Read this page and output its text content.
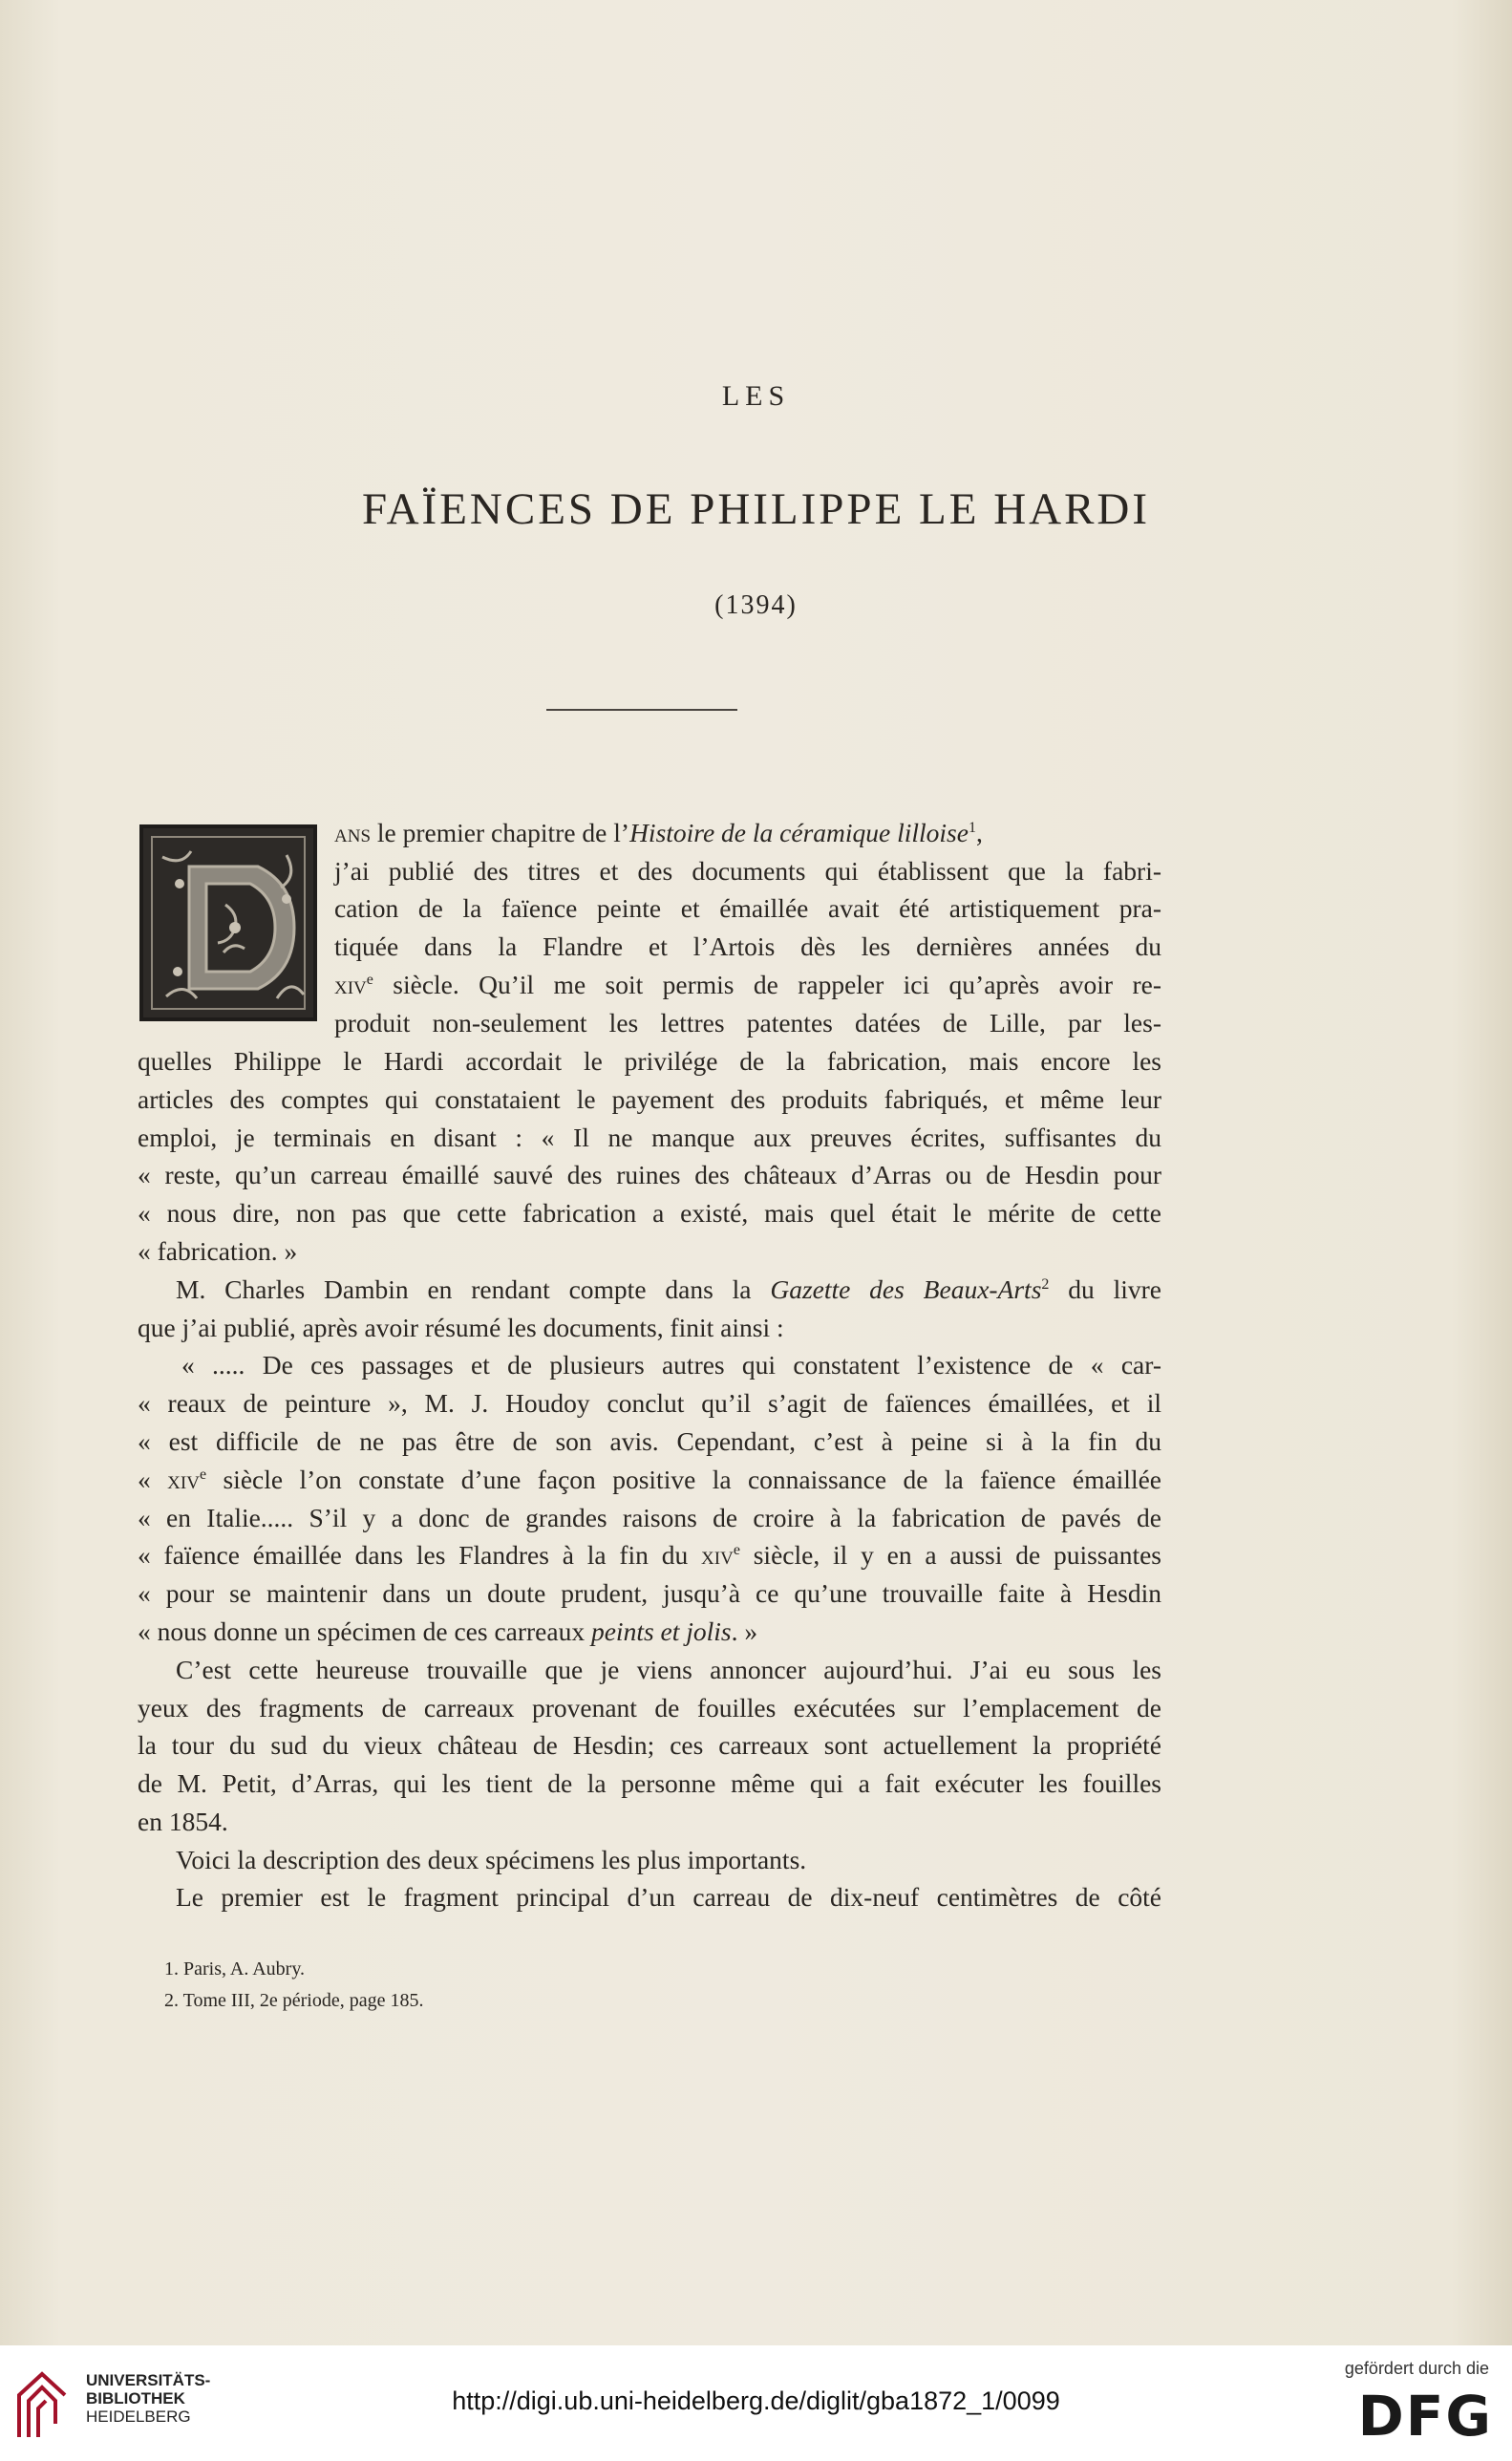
LES
FAÏENCES DE PHILIPPE LE HARDI
(1394)
ans le premier chapitre de l’Histoire de la céramique lilloise$^1$,
j’ai publié des titres et des documents qui établissent que la fabri-
cation de la faïence peinte et émaillée avait été artistiquement pra-
tiquée dans la Flandre et l’Artois dès les dernières années du
xiv$^e$ siècle. Qu’il me soit permis de rappeler ici qu’après avoir re-
produit non-seulement les lettres patentes datées de Lille, par les-
quelles Philippe le Hardi accordait le privilége de la fabrication, mais encore les
articles des comptes qui constataient le payement des produits fabriqués, et même leur
emploi, je terminais en disant : « Il ne manque aux preuves écrites, suffisantes du
« reste, qu’un carreau émaillé sauvé des ruines des châteaux d’Arras ou de Hesdin pour
« nous dire, non pas que cette fabrication a existé, mais quel était le mérite de cette
« fabrication. »
M. Charles Dambin en rendant compte dans la Gazette des Beaux-Arts$^2$ du livre
que j’ai publié, après avoir résumé les documents, finit ainsi :
« ..... De ces passages et de plusieurs autres qui constatent l’existence de « car-
« reaux de peinture », M. J. Houdoy conclut qu’il s’agit de faïences émaillées, et il
« est difficile de ne pas être de son avis. Cependant, c’est à peine si à la fin du
« xiv$^e$ siècle l’on constate d’une façon positive la connaissance de la faïence émaillée
« en Italie..... S’il y a donc de grandes raisons de croire à la fabrication de pavés de
« faïence émaillée dans les Flandres à la fin du xiv$^e$ siècle, il y en a aussi de puissantes
« pour se maintenir dans un doute prudent, jusqu’à ce qu’une trouvaille faite à Hesdin
« nous donne un spécimen de ces carreaux peints et jolis. »
C’est cette heureuse trouvaille que je viens annoncer aujourd’hui. J’ai eu sous les
yeux des fragments de carreaux provenant de fouilles exécutées sur l’emplacement de
la tour du sud du vieux château de Hesdin; ces carreaux sont actuellement la propriété
de M. Petit, d’Arras, qui les tient de la personne même qui a fait exécuter les fouilles
en 1854.
Voici la description des deux spécimens les plus importants.
Le premier est le fragment principal d’un carreau de dix-neuf centimètres de côté
1. Paris, A. Aubry.
2. Tome III, 2e période, page 185.
UNIVERSITÄTS-
BIBLIOTHEK
HEIDELBERG
http://digi.ub.uni-heidelberg.de/diglit/gba1872_1/0099
gefördert durch die
DFG
